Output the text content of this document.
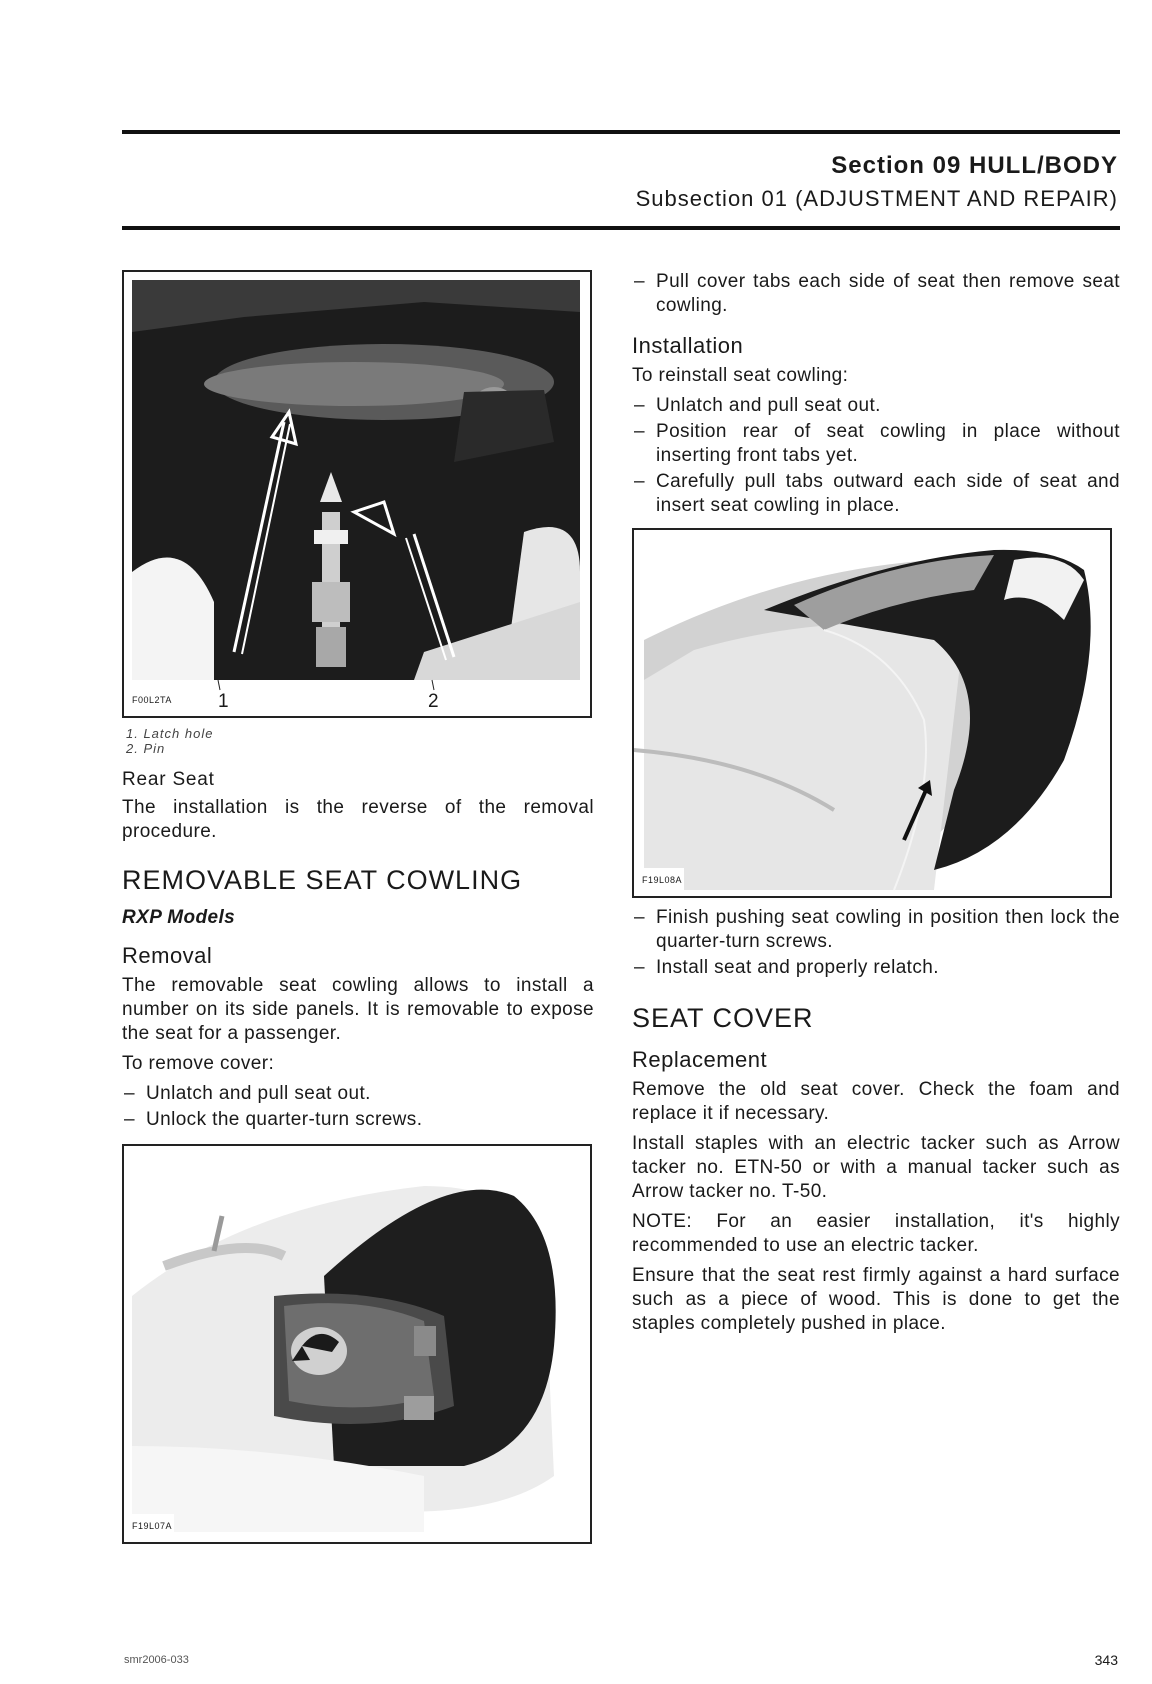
Section 09 HULL/BODY
Subsection 01 (ADJUSTMENT AND REPAIR)
F00L2TA 1	2
1. Latch hole
2. Pin
Rear Seat

The installation is the reverse of the removal procedure.

REMOVABLE SEAT COWLING
RXP Models
Removal

The removable seat cowling allows to install a number on its side panels. It is removable to expose the seat for a passenger.

To remove cover:

– Unlatch and pull seat out.
– Unlock the quarter-turn screws.
F19L07A
– Pull cover tabs each side of seat then remove seat cowling.
Installation

To reinstall seat cowling:

– Unlatch and pull seat out.
– Position rear of seat cowling in place without inserting front tabs yet.
– Carefully pull tabs outward each side of seat and insert seat cowling in place.
F19L08A
– Finish pushing seat cowling in position then lock the quarter-turn screws.
– Install seat and properly relatch.
SEAT COVER
Replacement

Remove the old seat cover. Check the foam and replace it if necessary.

Install staples with an electric tacker such as Arrow tacker no. ETN-50 or with a manual tacker such as Arrow tacker no. T-50.

NOTE: For an easier installation, it's highly recommended to use an electric tacker.

Ensure that the seat rest firmly against a hard surface such as a piece of wood. This is done to get the staples completely pushed in place.

smr2006-033	343
